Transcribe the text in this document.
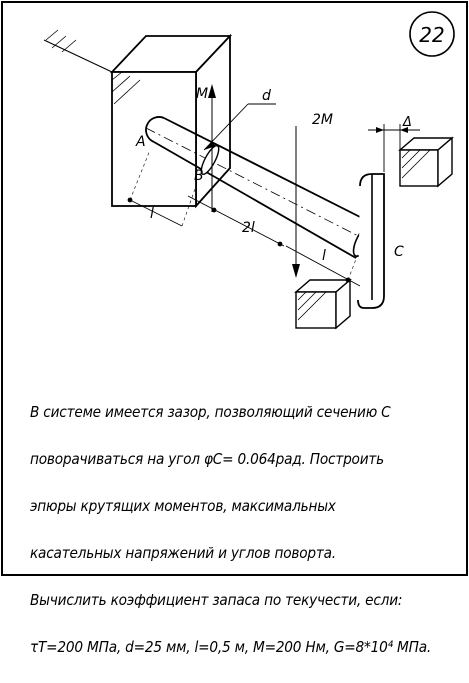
22
Δ
M
2M
d
A
B
C
l
2l
l

В системе имеется зазор, позволяющий сечению С

поворачиваться на угол φC= 0.064рад. Построить

эпюры крутящих моментов, максимальных

касательных напряжений и углов поворта.

Вычислить коэффициент запаса по текучести, если:

τT=200 МПа, d=25 мм, l=0,5 м, M=200 Нм, G=8*10⁴ МПа.
